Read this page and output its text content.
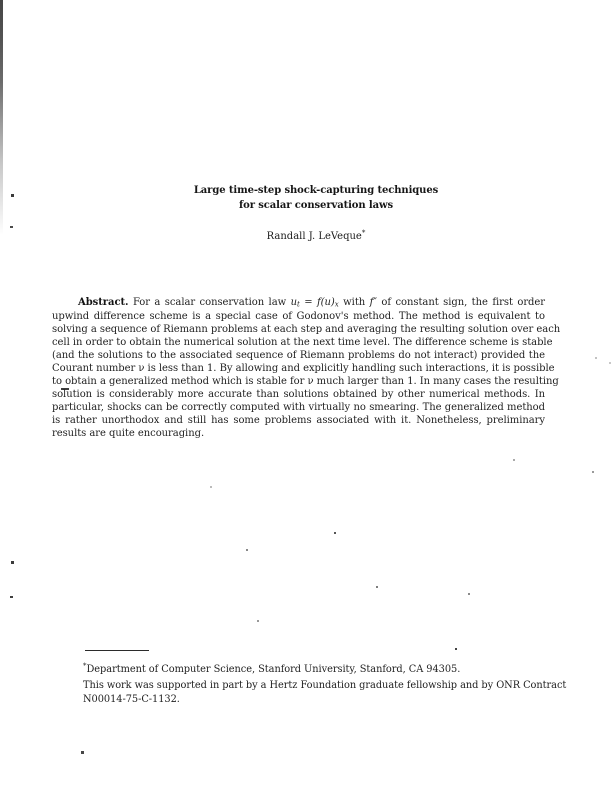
Large time-step shock-capturing techniques
for scalar conservation laws
Randall J. LeVeque*
Abstract. For a scalar conservation law ut = f(u)x with f″ of constant sign, the first order
upwind difference scheme is a special case of Godonov's method. The method is equivalent to
solving a sequence of Riemann problems at each step and averaging the resulting solution over each
cell in order to obtain the numerical solution at the next time level. The difference scheme is stable
(and the solutions to the associated sequence of Riemann problems do not interact) provided the
Courant number ν is less than 1. By allowing and explicitly handling such interactions, it is possible
to obtain a generalized method which is stable for ν much larger than 1. In many cases the resulting
solution is considerably more accurate than solutions obtained by other numerical methods. In
particular, shocks can be correctly computed with virtually no smearing. The generalized method
is rather unorthodox and still has some problems associated with it. Nonetheless, preliminary
results are quite encouraging.
*Department of Computer Science, Stanford University, Stanford, CA 94305.
This work was supported in part by a Hertz Foundation graduate fellowship and by ONR Contract
N00014-75-C-1132.
